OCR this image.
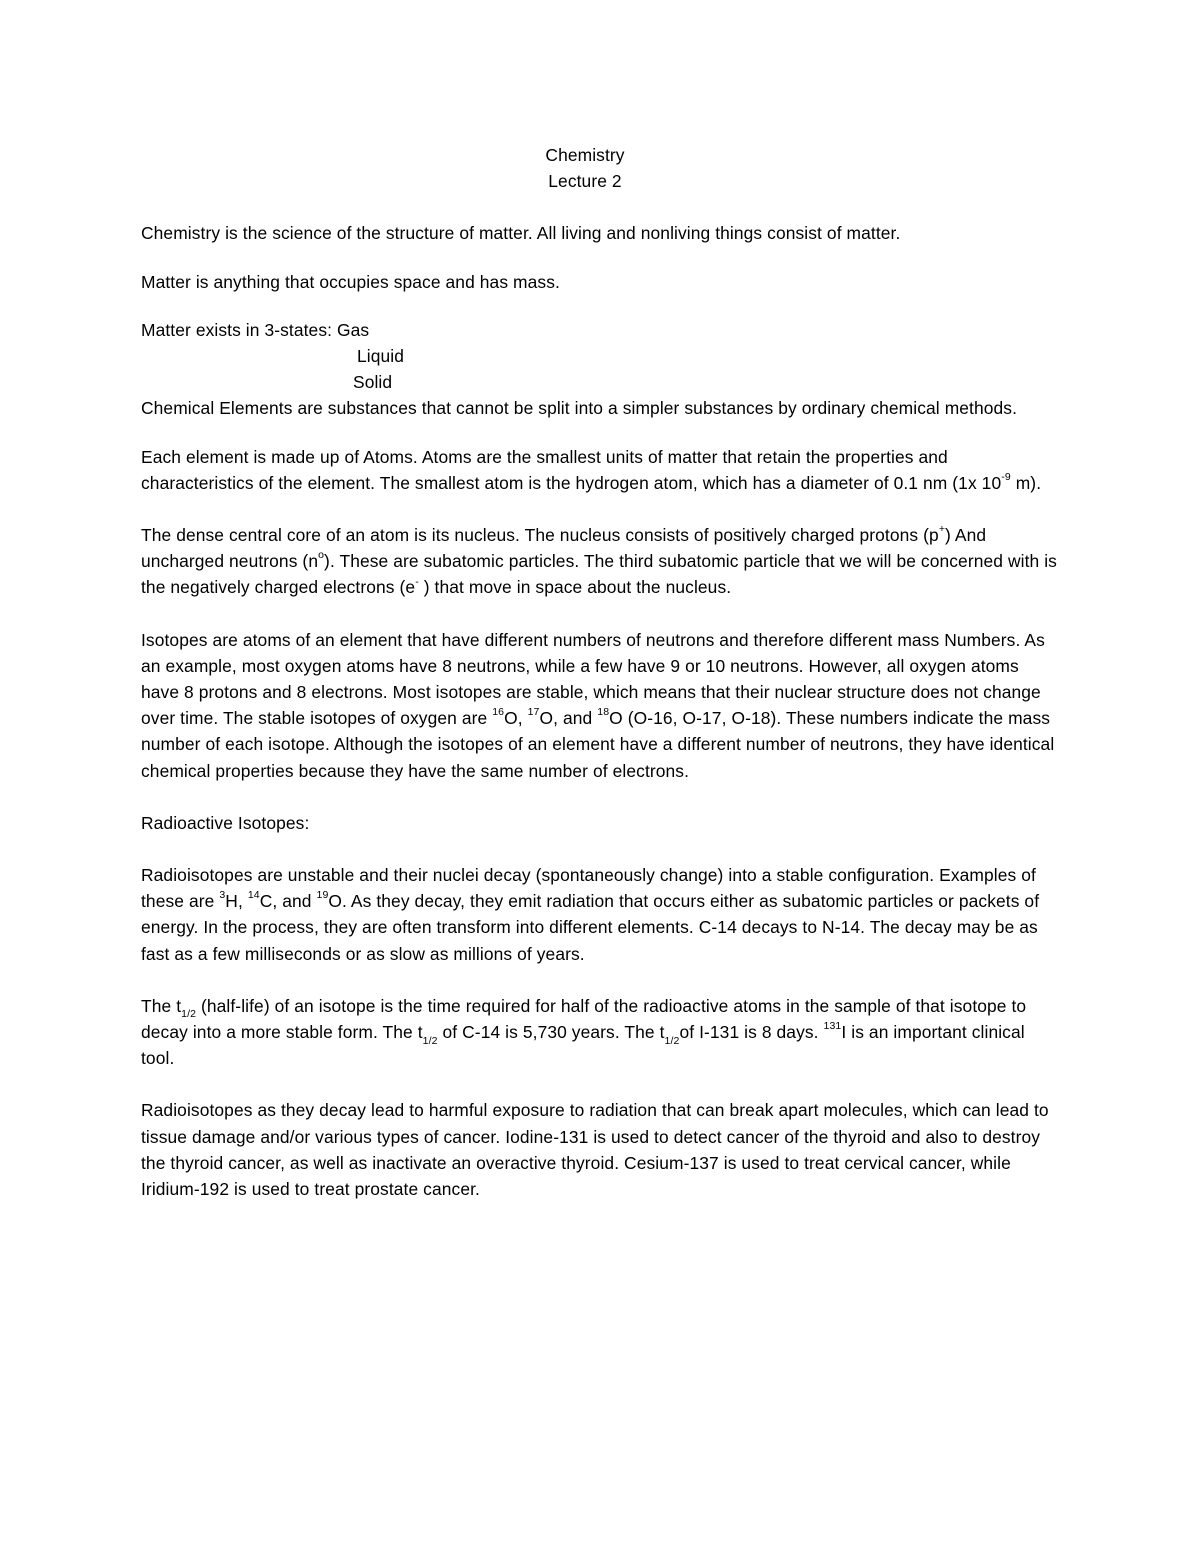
Chemistry

Lecture 2

Chemistry is the science of the structure of matter. All living and nonliving things consist of matter.

Matter is anything that occupies space and has mass.

Matter exists in 3-states: Gas

Liquid

Solid

Chemical Elements are substances that cannot be split into a simpler substances by ordinary chemical methods.

Each element is made up of Atoms. Atoms are the smallest units of matter that retain the properties and characteristics of the element. The smallest atom is the hydrogen atom, which has a diameter of 0.1 nm (1x $10^{-9}$ m).

The dense central core of an atom is its nucleus. The nucleus consists of positively charged protons (p+) And uncharged neutrons $(n^o)$. These are subatomic particles. The third subatomic particle that we will be concerned with is the negatively charged electrons (e- ) that move in space about the nucleus.

Isotopes are atoms of an element that have different numbers of neutrons and therefore different mass Numbers. As an example, most oxygen atoms have 8 neutrons, while a few have 9 or 10 neutrons. However, all oxygen atoms have 8 protons and 8 electrons. Most isotopes are stable, which means that their nuclear structure does not change over time. The stable isotopes of oxygen are $^{16}$O, $^{17}$O, and $^{18}$O (O-16, O-17, O-18). These numbers indicate the mass number of each isotope. Although the isotopes of an element have a different number of neutrons, they have identical chemical properties because they have the same number of electrons.

Radioactive Isotopes:

Radioisotopes are unstable and their nuclei decay (spontaneously change) into a stable configuration. Examples of these are $^3$H, $^{14}$C, and $^{19}$O. As they decay, they emit radiation that occurs either as subatomic particles or packets of energy. In the process, they are often transform into different elements. C-14 decays to N-14. The decay may be as fast as a few milliseconds or as slow as millions of years.

The $t_{1/2}$ (half-life) of an isotope is the time required for half of the radioactive atoms in the sample of that isotope to decay into a more stable form. The $t_{1/2}$ of C-14 is 5,730 years. The $t_{1/2}of$ I-131 is 8 days. $^{131}$I is an important clinical tool.

Radioisotopes as they decay lead to harmful exposure to radiation that can break apart molecules, which can lead to tissue damage and/or various types of cancer. Iodine-131 is used to detect cancer of the thyroid and also to destroy the thyroid cancer, as well as inactivate an overactive thyroid. Cesium-137 is used to treat cervical cancer, while Iridium-192 is used to treat prostate cancer.
